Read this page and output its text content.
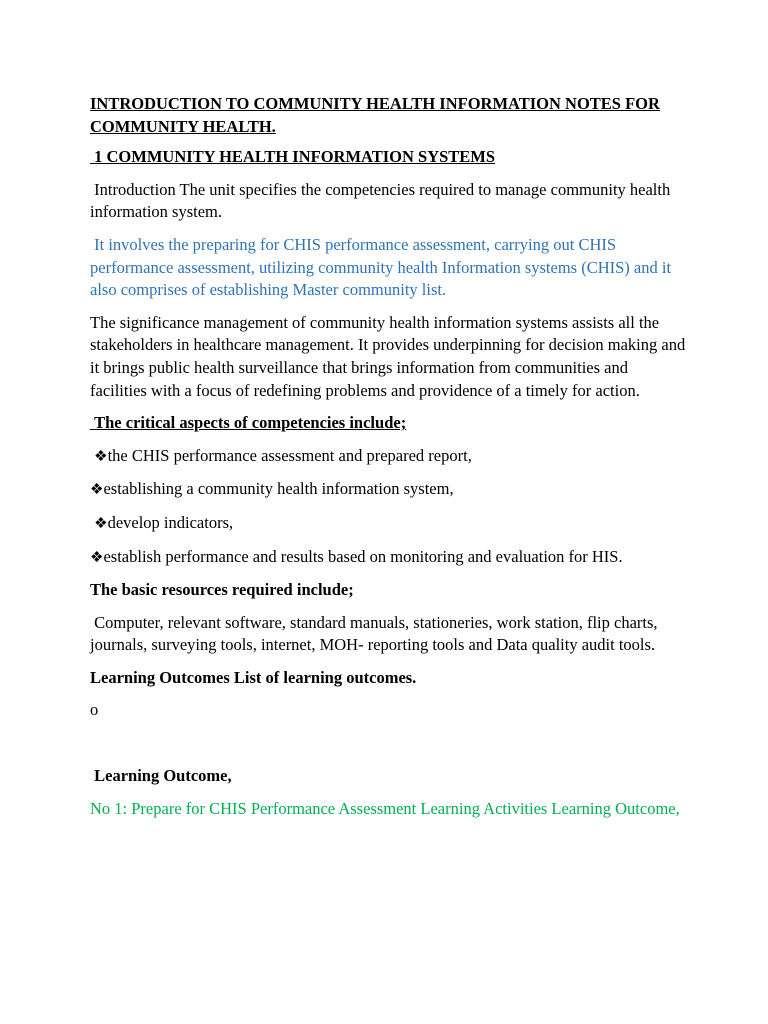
INTRODUCTION TO COMMUNITY HEALTH INFORMATION NOTES FOR COMMUNITY HEALTH.

1 COMMUNITY HEALTH INFORMATION SYSTEMS

Introduction The unit specifies the competencies required to manage community health information system.

It involves the preparing for CHIS performance assessment, carrying out CHIS performance assessment, utilizing community health Information systems (CHIS) and it also comprises of establishing Master community list.

The significance management of community health information systems assists all the stakeholders in healthcare management. It provides underpinning for decision making and it brings public health surveillance that brings information from communities and facilities with a focus of redefining problems and providence of a timely for action.

The critical aspects of competencies include;

❖the CHIS performance assessment and prepared report,

❖establishing a community health information system,

❖develop indicators,

❖establish performance and results based on monitoring and evaluation for HIS.

The basic resources required include;

Computer, relevant software, standard manuals, stationeries, work station, flip charts, journals, surveying tools, internet, MOH- reporting tools and Data quality audit tools.

Learning Outcomes List of learning outcomes.

o

Learning Outcome,

No 1: Prepare for CHIS Performance Assessment Learning Activities Learning Outcome,
